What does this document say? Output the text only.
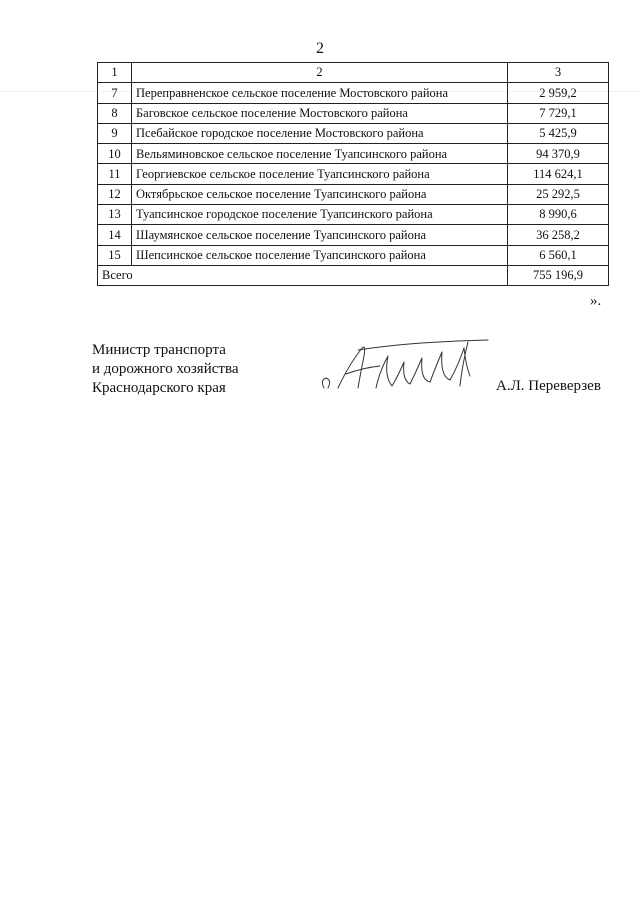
2
1	2	3
7	Переправненское сельское поселение Мостовского района	2 959,2
8	Баговское сельское поселение Мостовского района	7 729,1
9	Псебайское городское поселение Мостовского района	5 425,9
10	Вельяминовское сельское поселение Туапсинского района	94 370,9
11	Георгиевское сельское поселение Туапсинского района	114 624,1
12	Октябрьское сельское поселение Туапсинского района	25 292,5
13	Туапсинское городское поселение Туапсинского района	8 990,6
14	Шаумянское сельское поселение Туапсинского района	36 258,2
15	Шепсинское сельское поселение Туапсинского района	6 560,1
Всего		755 196,9
».
Министр транспорта
и дорожного хозяйства
Краснодарского края	А.Л. Переверзев
